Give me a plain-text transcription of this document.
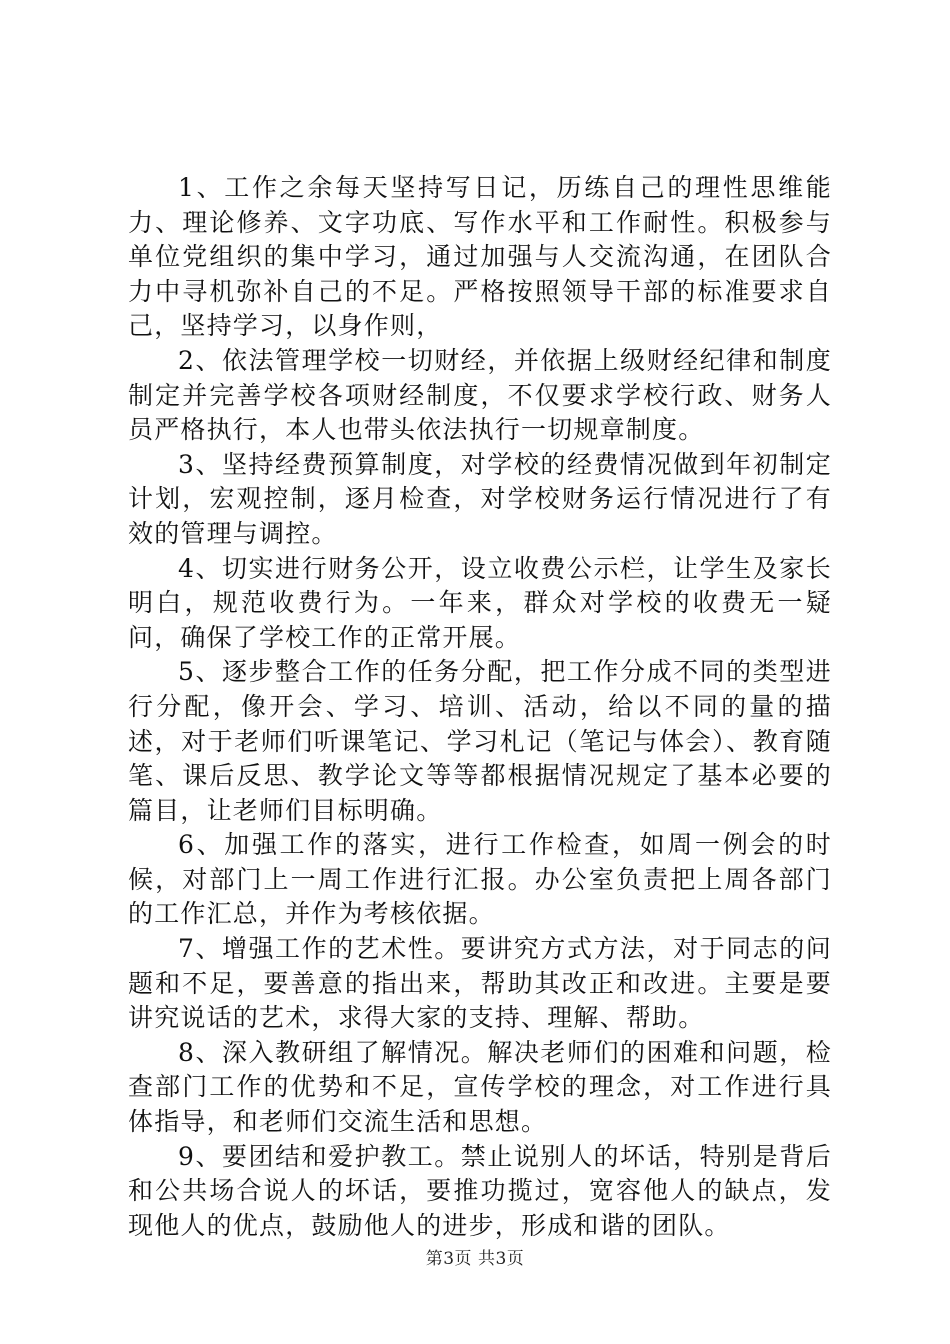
1、工作之余每天坚持写日记，历练自己的理性思维能力、理论修养、文字功底、写作水平和工作耐性。积极参与单位党组织的集中学习，通过加强与人交流沟通，在团队合力中寻机弥补自己的不足。严格按照领导干部的标准要求自己，坚持学习，以身作则，

2、依法管理学校一切财经，并依据上级财经纪律和制度制定并完善学校各项财经制度，不仅要求学校行政、财务人员严格执行，本人也带头依法执行一切规章制度。

3、坚持经费预算制度，对学校的经费情况做到年初制定计划，宏观控制，逐月检查，对学校财务运行情况进行了有效的管理与调控。

4、切实进行财务公开，设立收费公示栏，让学生及家长明白，规范收费行为。一年来，群众对学校的收费无一疑问，确保了学校工作的正常开展。

5、逐步整合工作的任务分配，把工作分成不同的类型进行分配，像开会、学习、培训、活动，给以不同的量的描述，对于老师们听课笔记、学习札记（笔记与体会）、教育随笔、课后反思、教学论文等等都根据情况规定了基本必要的篇目，让老师们目标明确。

6、加强工作的落实，进行工作检查，如周一例会的时候，对部门上一周工作进行汇报。办公室负责把上周各部门的工作汇总，并作为考核依据。

7、增强工作的艺术性。要讲究方式方法，对于同志的问题和不足，要善意的指出来，帮助其改正和改进。主要是要讲究说话的艺术，求得大家的支持、理解、帮助。

8、深入教研组了解情况。解决老师们的困难和问题，检查部门工作的优势和不足，宣传学校的理念，对工作进行具体指导，和老师们交流生活和思想。

9、要团结和爱护教工。禁止说别人的坏话，特别是背后和公共场合说人的坏话，要推功揽过，宽容他人的缺点，发现他人的优点，鼓励他人的进步，形成和谐的团队。

第3页 共3页
